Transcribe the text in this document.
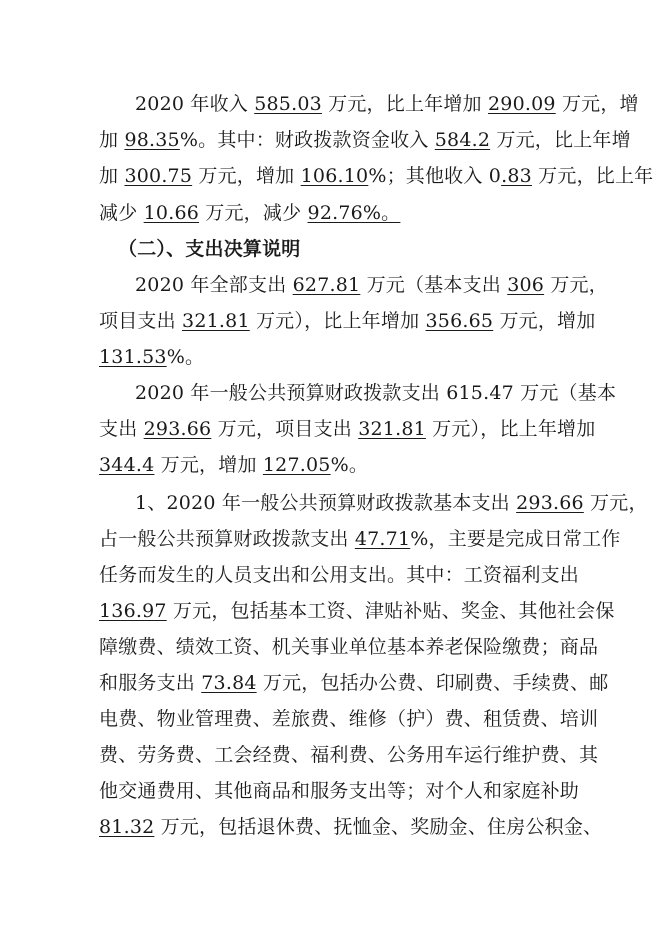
2020 年收入 585.03 万元，比上年增加 290.09 万元，增
加 98.35%。其中：财政拨款资金收入 584.2 万元，比上年增
加 300.75 万元，增加 106.10%；其他收入 0.83 万元，比上年
减少 10.66 万元，减少 92.76%。
（二）、支出决算说明
2020 年全部支出 627.81 万元（基本支出 306 万元，
项目支出 321.81 万元），比上年增加 356.65 万元，增加
131.53%。
2020 年一般公共预算财政拨款支出 615.47 万元（基本
支出 293.66 万元，项目支出 321.81 万元），比上年增加
344.4 万元，增加 127.05%。
1、2020 年一般公共预算财政拨款基本支出 293.66 万元，
占一般公共预算财政拨款支出 47.71%，主要是完成日常工作
任务而发生的人员支出和公用支出。其中：工资福利支出
136.97 万元，包括基本工资、津贴补贴、奖金、其他社会保
障缴费、绩效工资、机关事业单位基本养老保险缴费；商品
和服务支出 73.84 万元，包括办公费、印刷费、手续费、邮
电费、物业管理费、差旅费、维修（护）费、租赁费、培训
费、劳务费、工会经费、福利费、公务用车运行维护费、其
他交通费用、其他商品和服务支出等；对个人和家庭补助
81.32 万元，包括退休费、抚恤金、奖励金、住房公积金、
